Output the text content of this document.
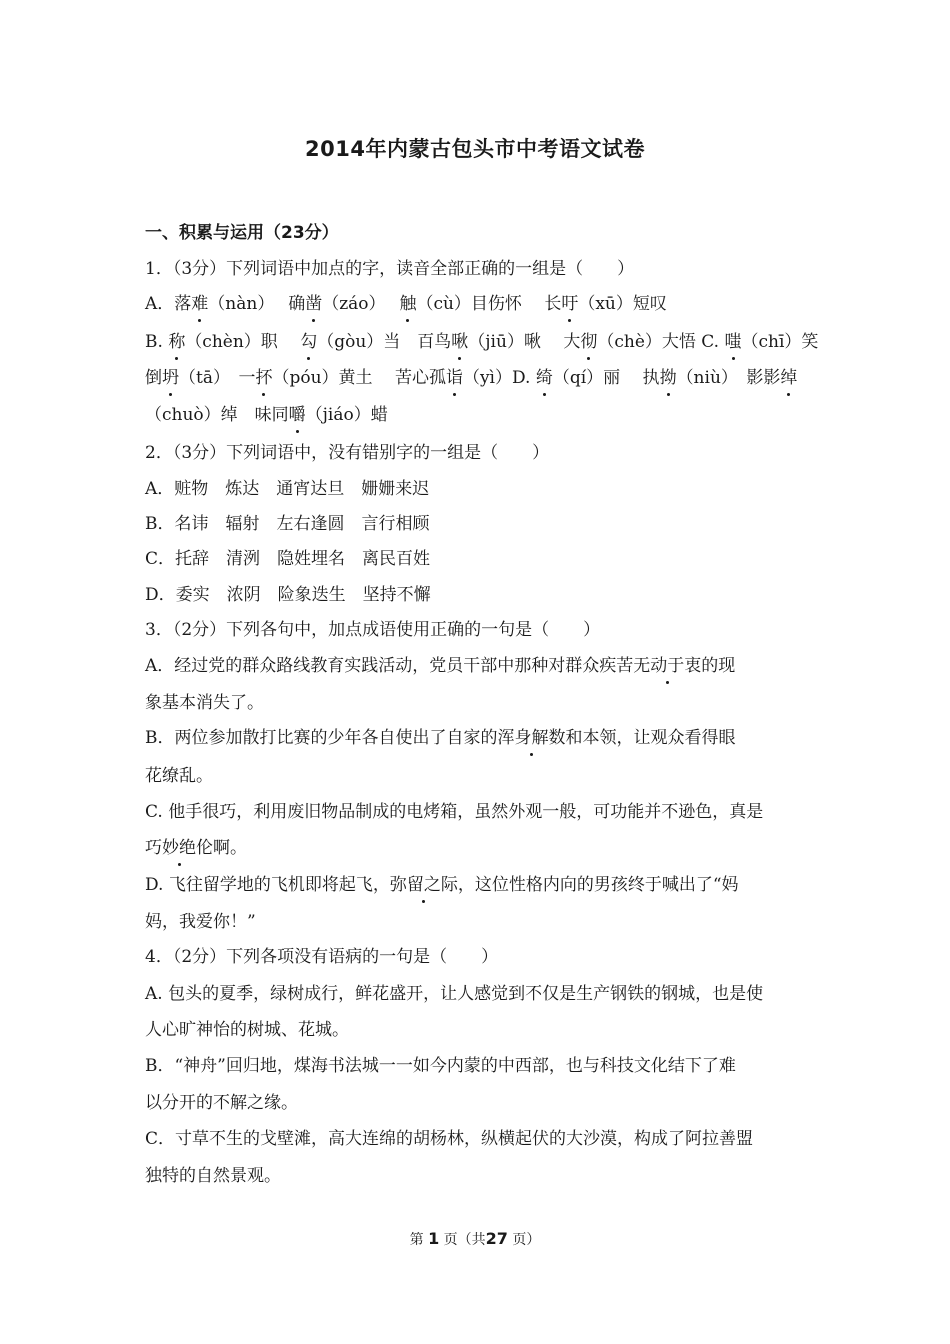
2014年内蒙古包头市中考语文试卷
一、积累与运用（23分）
1．（3分）下列词语中加点的字，读音全部正确的一组是（　　）
A．落难（nàn）　 确凿（záo）　 触（cù）目伤怀　 长吁（xū）短叹
B. 称（chèn）职　 勾（gòu）当　百鸟啾（jiū）啾　 大彻（chè）大悟 C. 嗤（chī）笑
倒坍（tā）　一抔（póu）黄土　 苦心孤诣（yì）D. 绮（qí）丽　 执拗（niù）　影影绰
（chuò）绰　味同嚼（jiáo）蜡
2．（3分）下列词语中，没有错别字的一组是（　　）
A．赃物　炼达　通宵达旦　姗姗来迟
B．名讳　辐射　左右逢圆　言行相顾
C．托辞　清洌　隐姓埋名　离民百姓
D．委实　浓阴　险象迭生　坚持不懈
3．（2分）下列各句中，加点成语使用正确的一句是（　　）
A．经过党的群众路线教育实践活动，党员干部中那种对群众疾苦无动于衷的现
象基本消失了。
B．两位参加散打比赛的少年各自使出了自家的浑身解数和本领，让观众看得眼
花缭乱。
C. 他手很巧，利用废旧物品制成的电烤箱，虽然外观一般，可功能并不逊色，真是
巧妙绝伦啊。
D. 飞往留学地的飞机即将起飞，弥留之际，这位性格内向的男孩终于喊出了“妈
妈，我爱你！”
4．（2分）下列各项没有语病的一句是（　　）
A. 包头的夏季，绿树成行，鲜花盛开，让人感觉到不仅是生产钢铁的钢城，也是使
人心旷神怡的树城、花城。
B．“神舟”回归地，煤海书法城一一如今内蒙的中西部，也与科技文化结下了难
以分开的不解之缘。
C．寸草不生的戈壁滩，高大连绵的胡杨林，纵横起伏的大沙漠，构成了阿拉善盟
独特的自然景观。
第 1 页（共27 页）
